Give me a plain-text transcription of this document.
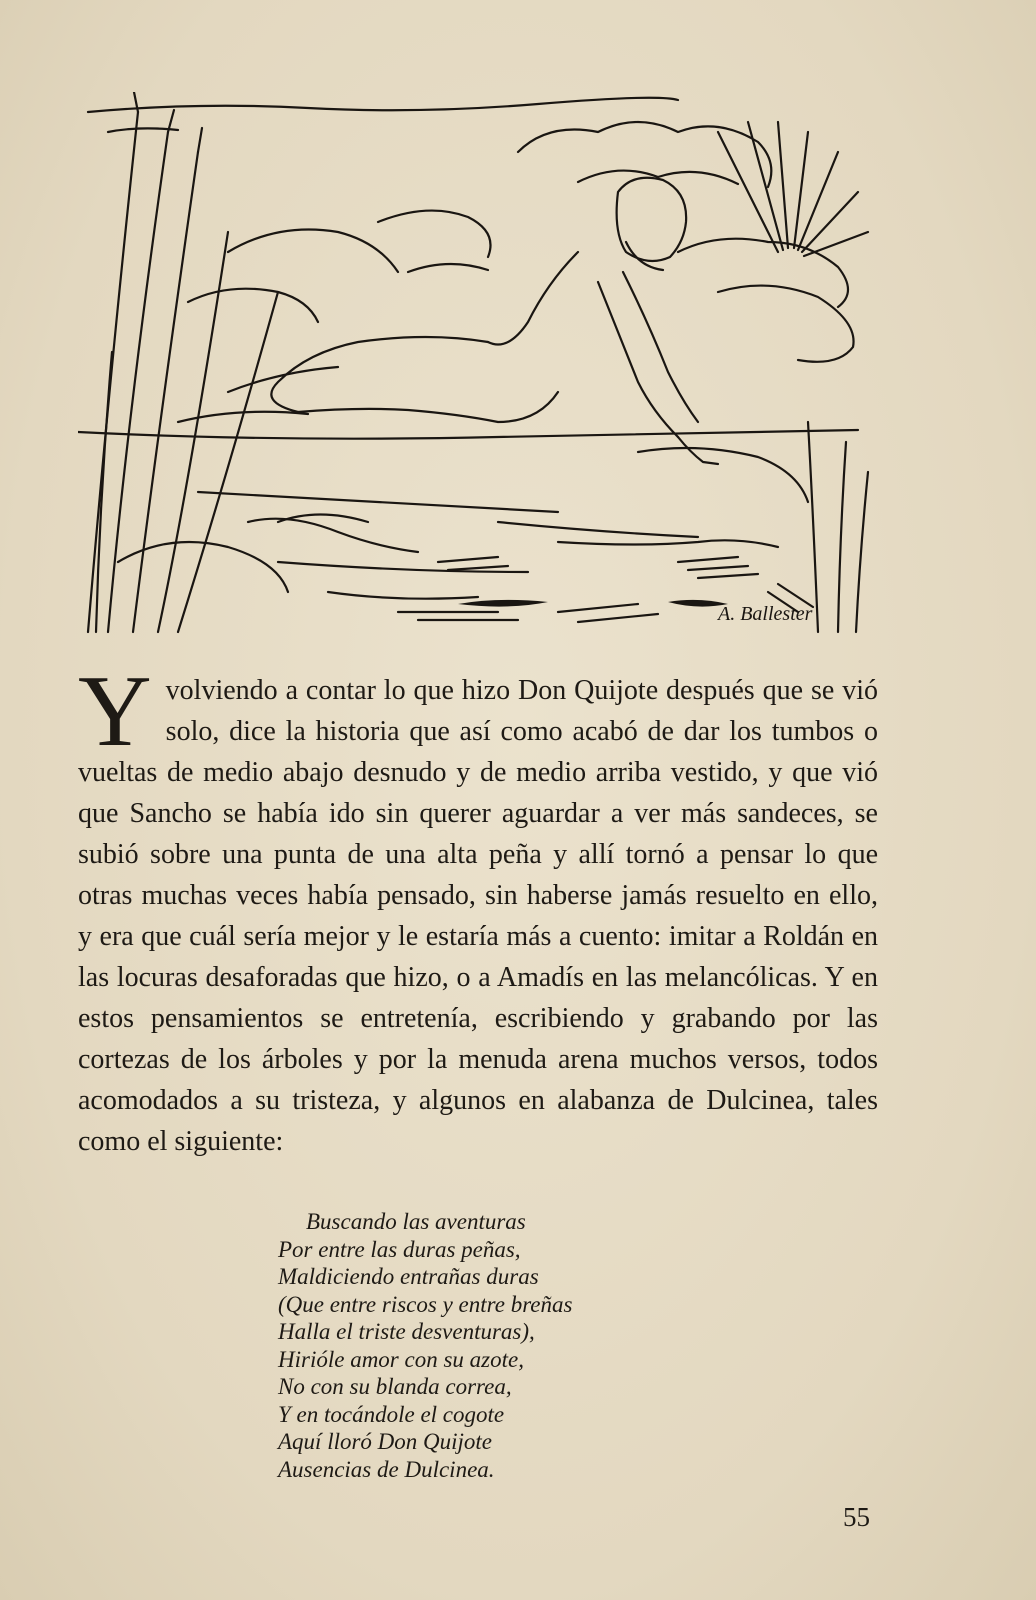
A. Ballester
Yvolviendo a contar lo que hizo Don Quijote después que se vió solo, dice la historia que así como acabó de dar los tumbos o vueltas de medio abajo desnudo y de medio arriba vestido, y que vió que Sancho se había ido sin querer aguardar a ver más sandeces, se subió sobre una punta de una alta peña y allí tornó a pensar lo que otras muchas veces había pensado, sin haberse jamás resuelto en ello, y era que cuál sería mejor y le estaría más a cuento: imitar a Roldán en las locuras desaforadas que hizo, o a Amadís en las melancólicas. Y en estos pensamientos se entretenía, escribiendo y grabando por las cortezas de los árboles y por la menuda arena muchos versos, todos acomodados a su tristeza, y algunos en alabanza de Dulcinea, tales como el siguiente:
Buscando las aventuras
Por entre las duras peñas,
Maldiciendo entrañas duras
(Que entre riscos y entre breñas
Halla el triste desventuras),
Hirióle amor con su azote,
No con su blanda correa,
Y en tocándole el cogote
Aquí lloró Don Quijote
Ausencias de Dulcinea.
55
